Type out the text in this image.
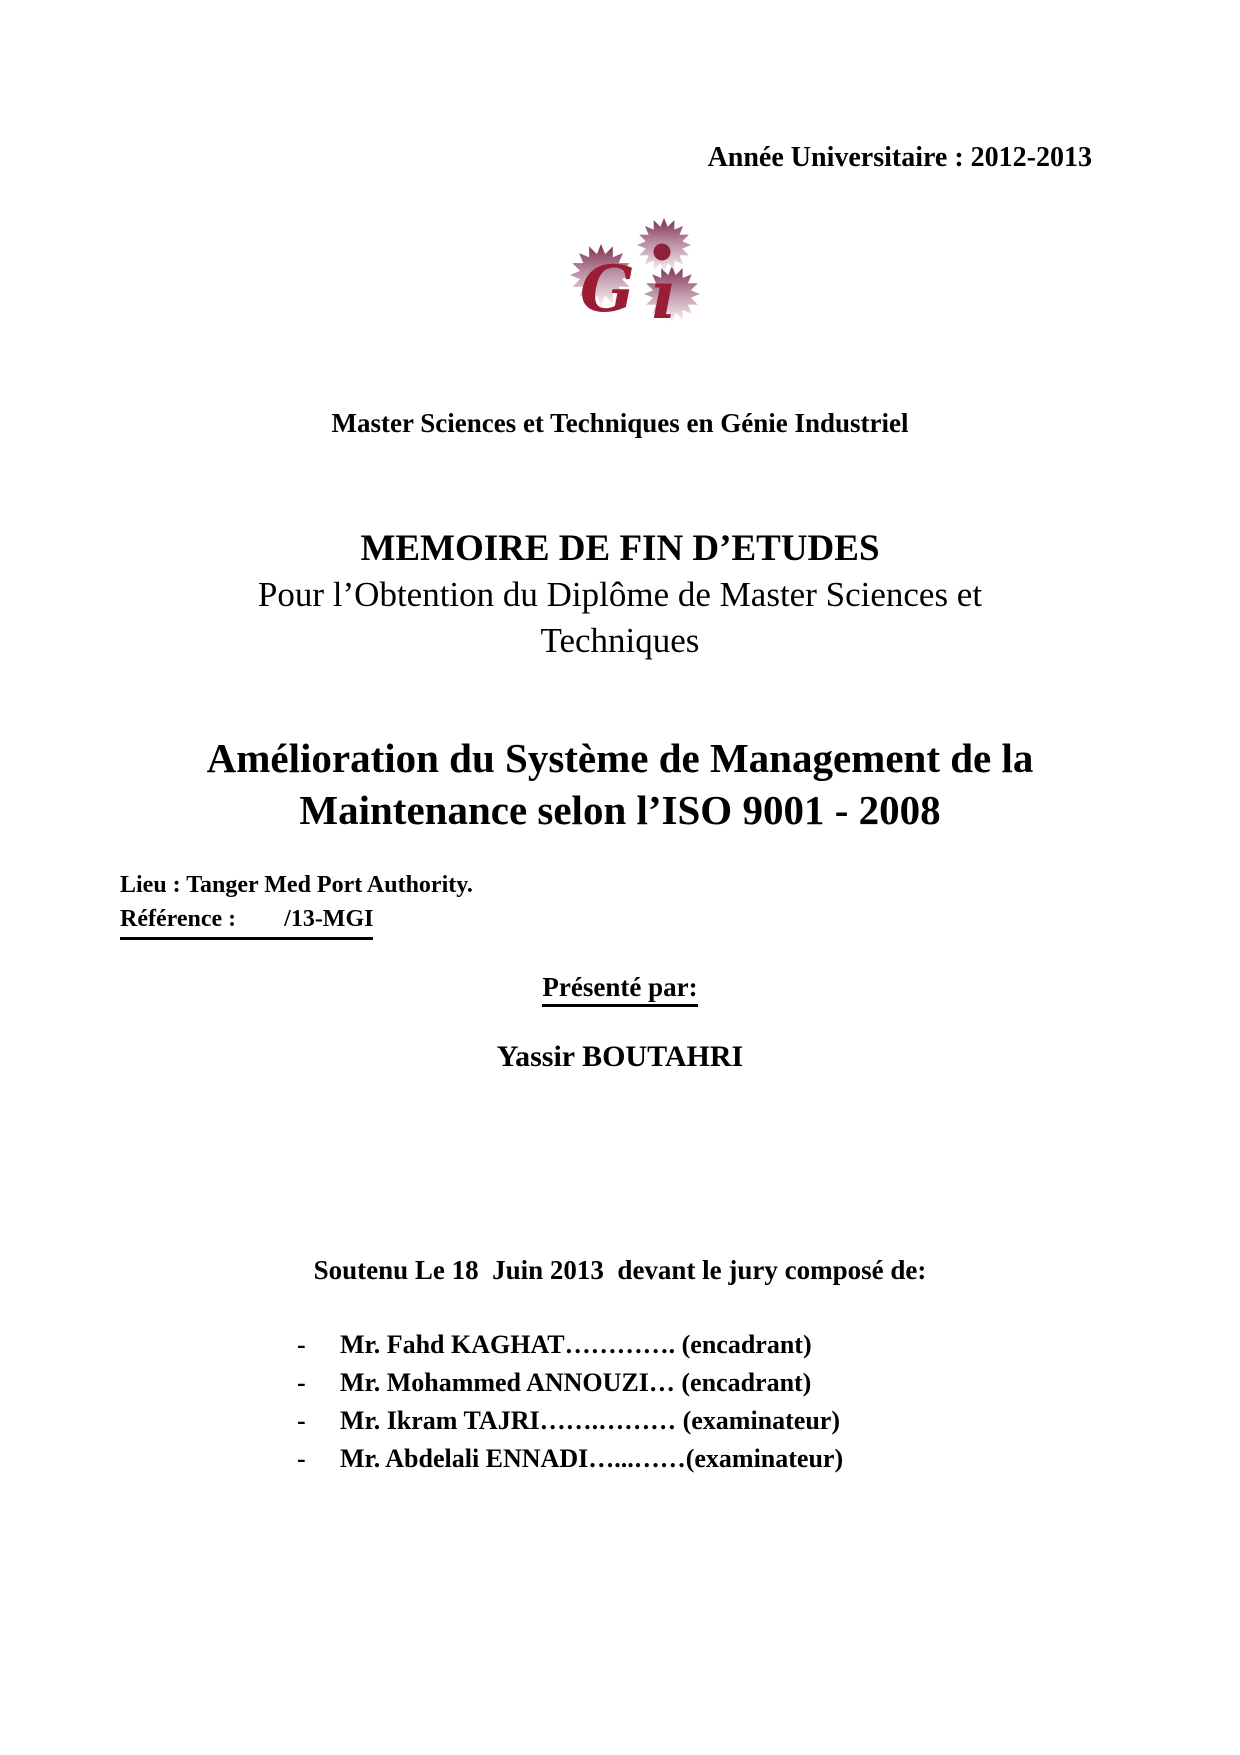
Année Universitaire : 2012-2013
G ı
Master Sciences et Techniques en Génie Industriel
MEMOIRE DE FIN D’ETUDES
Pour l’Obtention du Diplôme de Master Sciences et
Techniques
Amélioration du Système de Management de la
Maintenance selon l’ISO 9001 - 2008
Lieu : Tanger Med Port Authority.
Référence :        /13-MGI
Présenté par:
Yassir BOUTAHRI
Soutenu Le 18  Juin 2013  devant le jury composé de:
-	Mr. Fahd KAGHAT…………. (encadrant)
-	Mr. Mohammed ANNOUZI… (encadrant)
-	Mr. Ikram TAJRI…….……… (examinateur)
-	Mr. Abdelali ENNADI…...……(examinateur)
